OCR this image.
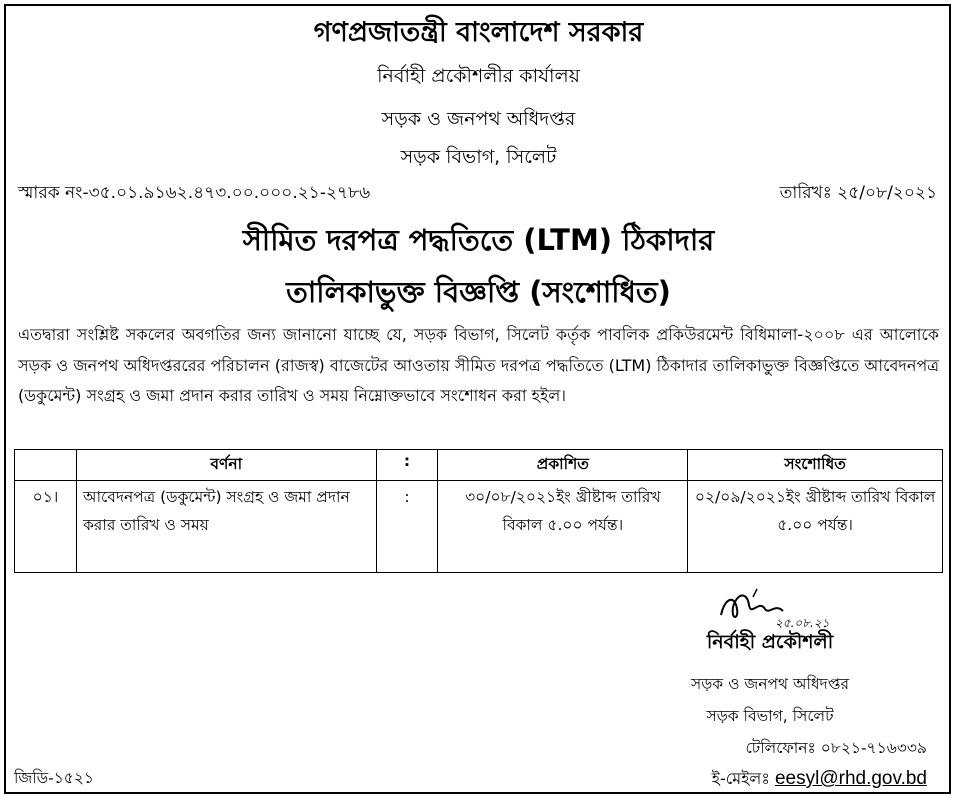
গণপ্রজাতন্ত্রী বাংলাদেশ সরকার
নির্বাহী প্রকৌশলীর কার্যালয়
সড়ক ও জনপথ অধিদপ্তর
সড়ক বিভাগ, সিলেট
স্মারক নং-৩৫.০১.৯১৬২.৪৭৩.০০.০০০.২১-২৭৮৬	তারিখঃ ২৫/০৮/২০২১
সীমিত দরপত্র পদ্ধতিতে (LTM) ঠিকাদার
তালিকাভুক্ত বিজ্ঞপ্তি (সংশোধিত)
এতদ্বারা সংশ্লিষ্ট সকলের অবগতির জন্য জানানো যাচ্ছে যে, সড়ক বিভাগ, সিলেট কর্তৃক পাবলিক প্রকিউরমেন্ট বিধিমালা-২০০৮ এর আলোকে সড়ক ও জনপথ অধিদপ্তররের পরিচালন (রাজস্ব) বাজেটের আওতায় সীমিত দরপত্র পদ্ধতিতে (LTM) ঠিকাদার তালিকাভুক্ত বিজ্ঞপ্তিতে আবেদনপত্র (ডকুমেন্ট) সংগ্রহ ও জমা প্রদান করার তারিখ ও সময় নিম্নোক্তভাবে সংশোধন করা হইল।
	বর্ণনা	:	প্রকাশিত	সংশোধিত
০১।	আবেদনপত্র (ডকুমেন্ট) সংগ্রহ ও জমা প্রদান করার তারিখ ও সময়	:	৩০/০৮/২০২১ইং খ্রীষ্টাব্দ তারিখ বিকাল ৫.০০ পর্যন্ত।	০২/০৯/২০২১ইং খ্রীষ্টাব্দ তারিখ বিকাল ৫.০০ পর্যন্ত।
২৫.০৮.২১
নির্বাহী প্রকৌশলী
সড়ক ও জনপথ অধিদপ্তর
সড়ক বিভাগ, সিলেট
টেলিফোনঃ ০৮২১-৭১৬৩৩৯
ই-মেইলঃ eesyl@rhd.gov.bd
জিডি-১৫২১
